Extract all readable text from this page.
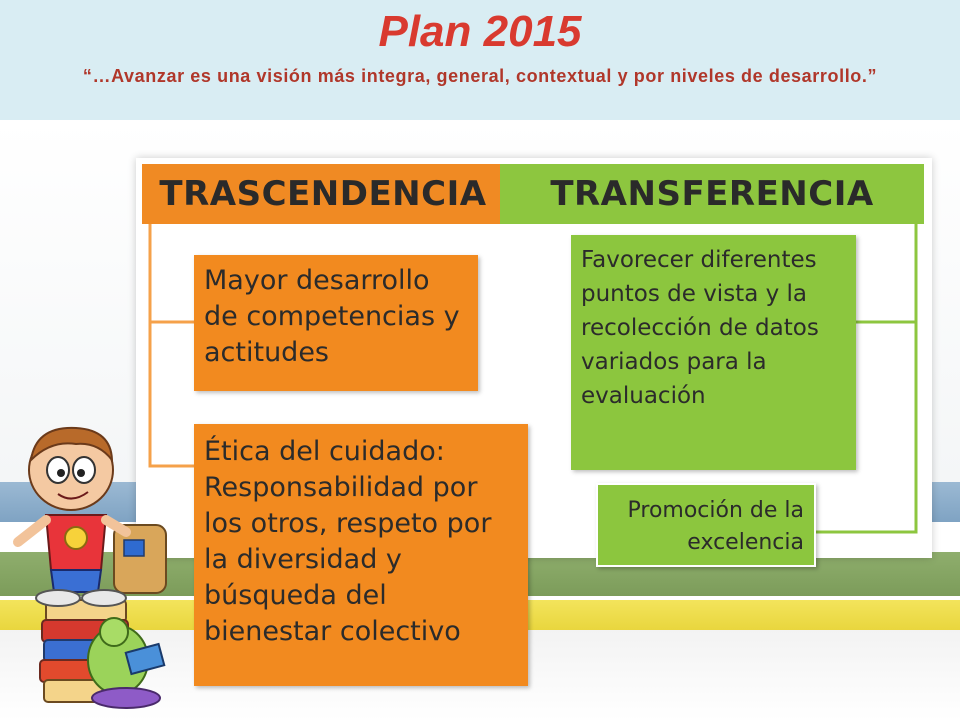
Plan 2015
“…Avanzar es una visión más integra, general, contextual y por niveles de desarrollo.”
TRASCENDENCIA	TRANSFERENCIA
Mayor desarrollo de competencias y actitudes
Ética del cuidado: Responsabilidad por los otros, respeto por la diversidad y búsqueda del bienestar colectivo
Favorecer diferentes puntos de vista y la recolección de datos variados para la evaluación
Promoción de la excelencia
